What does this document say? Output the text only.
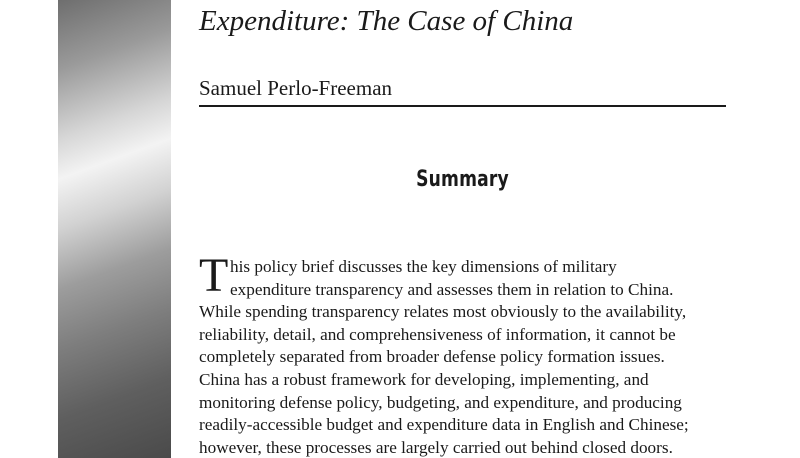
Expenditure: The Case of China
Samuel Perlo-Freeman
Summary
T his policy brief discusses the key dimensions of military
expenditure transparency and assesses them in relation to China.
While spending transparency relates most obviously to the availability,
reliability, detail, and comprehensiveness of information, it cannot be
completely separated from broader defense policy formation issues.
China has a robust framework for developing, implementing, and
monitoring defense policy, budgeting, and expenditure, and producing
readily-accessible budget and expenditure data in English and Chinese;
however, these processes are largely carried out behind closed doors.
